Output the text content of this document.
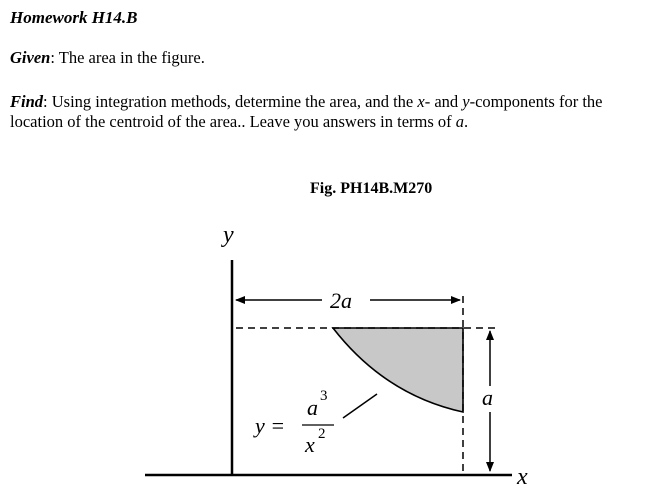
Homework H14.B
Given: The area in the figure.
Find: Using integration methods, determine the area, and the x- and y-components for the
location of the centroid of the area.. Leave you answers in terms of a.
Fig. PH14B.M270
2a
a
y
x
y =
a 3
x 2
